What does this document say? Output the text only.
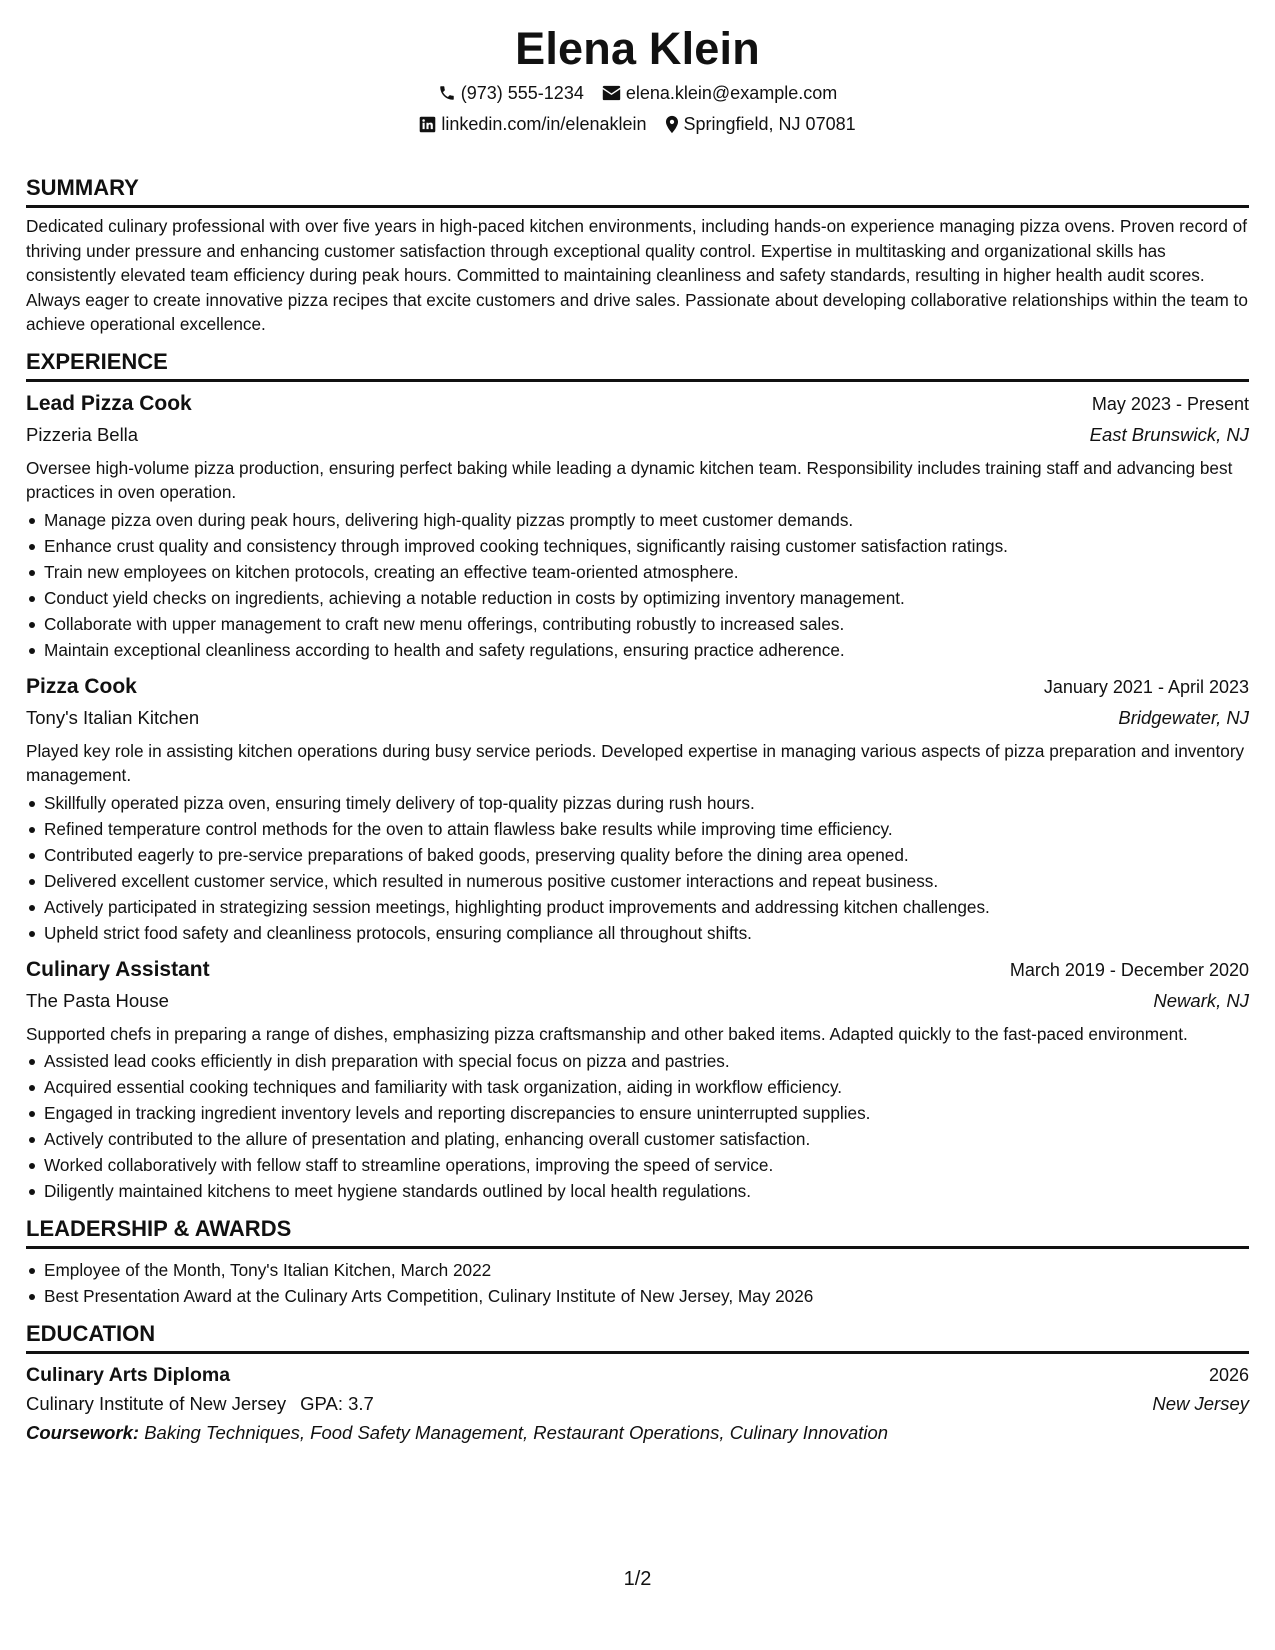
Elena Klein
(973) 555-1234 elena.klein@example.com
linkedin.com/in/elenaklein Springfield, NJ 07081
SUMMARY

Dedicated culinary professional with over five years in high-paced kitchen environments, including hands-on experience managing pizza ovens. Proven record of thriving under pressure and enhancing customer satisfaction through exceptional quality control. Expertise in multitasking and organizational skills has consistently elevated team efficiency during peak hours. Committed to maintaining cleanliness and safety standards, resulting in higher health audit scores. Always eager to create innovative pizza recipes that excite customers and drive sales. Passionate about developing collaborative relationships within the team to achieve operational excellence.

EXPERIENCE
Lead Pizza Cook	May 2023 - Present
Pizzeria Bella	East Brunswick, NJ

Oversee high-volume pizza production, ensuring perfect baking while leading a dynamic kitchen team. Responsibility includes training staff and advancing best practices in oven operation.

Manage pizza oven during peak hours, delivering high-quality pizzas promptly to meet customer demands.
Enhance crust quality and consistency through improved cooking techniques, significantly raising customer satisfaction ratings.
Train new employees on kitchen protocols, creating an effective team-oriented atmosphere.
Conduct yield checks on ingredients, achieving a notable reduction in costs by optimizing inventory management.
Collaborate with upper management to craft new menu offerings, contributing robustly to increased sales.
Maintain exceptional cleanliness according to health and safety regulations, ensuring practice adherence.
Pizza Cook	January 2021 - April 2023
Tony's Italian Kitchen	Bridgewater, NJ

Played key role in assisting kitchen operations during busy service periods. Developed expertise in managing various aspects of pizza preparation and inventory management.

Skillfully operated pizza oven, ensuring timely delivery of top-quality pizzas during rush hours.
Refined temperature control methods for the oven to attain flawless bake results while improving time efficiency.
Contributed eagerly to pre-service preparations of baked goods, preserving quality before the dining area opened.
Delivered excellent customer service, which resulted in numerous positive customer interactions and repeat business.
Actively participated in strategizing session meetings, highlighting product improvements and addressing kitchen challenges.
Upheld strict food safety and cleanliness protocols, ensuring compliance all throughout shifts.
Culinary Assistant	March 2019 - December 2020
The Pasta House	Newark, NJ

Supported chefs in preparing a range of dishes, emphasizing pizza craftsmanship and other baked items. Adapted quickly to the fast-paced environment.

Assisted lead cooks efficiently in dish preparation with special focus on pizza and pastries.
Acquired essential cooking techniques and familiarity with task organization, aiding in workflow efficiency.
Engaged in tracking ingredient inventory levels and reporting discrepancies to ensure uninterrupted supplies.
Actively contributed to the allure of presentation and plating, enhancing overall customer satisfaction.
Worked collaboratively with fellow staff to streamline operations, improving the speed of service.
Diligently maintained kitchens to meet hygiene standards outlined by local health regulations.
LEADERSHIP & AWARDS
Employee of the Month, Tony's Italian Kitchen, March 2022
Best Presentation Award at the Culinary Arts Competition, Culinary Institute of New Jersey, May 2026
EDUCATION
Culinary Arts Diploma	2026
Culinary Institute of New Jersey GPA: 3.7	New Jersey
Coursework: Baking Techniques, Food Safety Management, Restaurant Operations, Culinary Innovation
1/2
